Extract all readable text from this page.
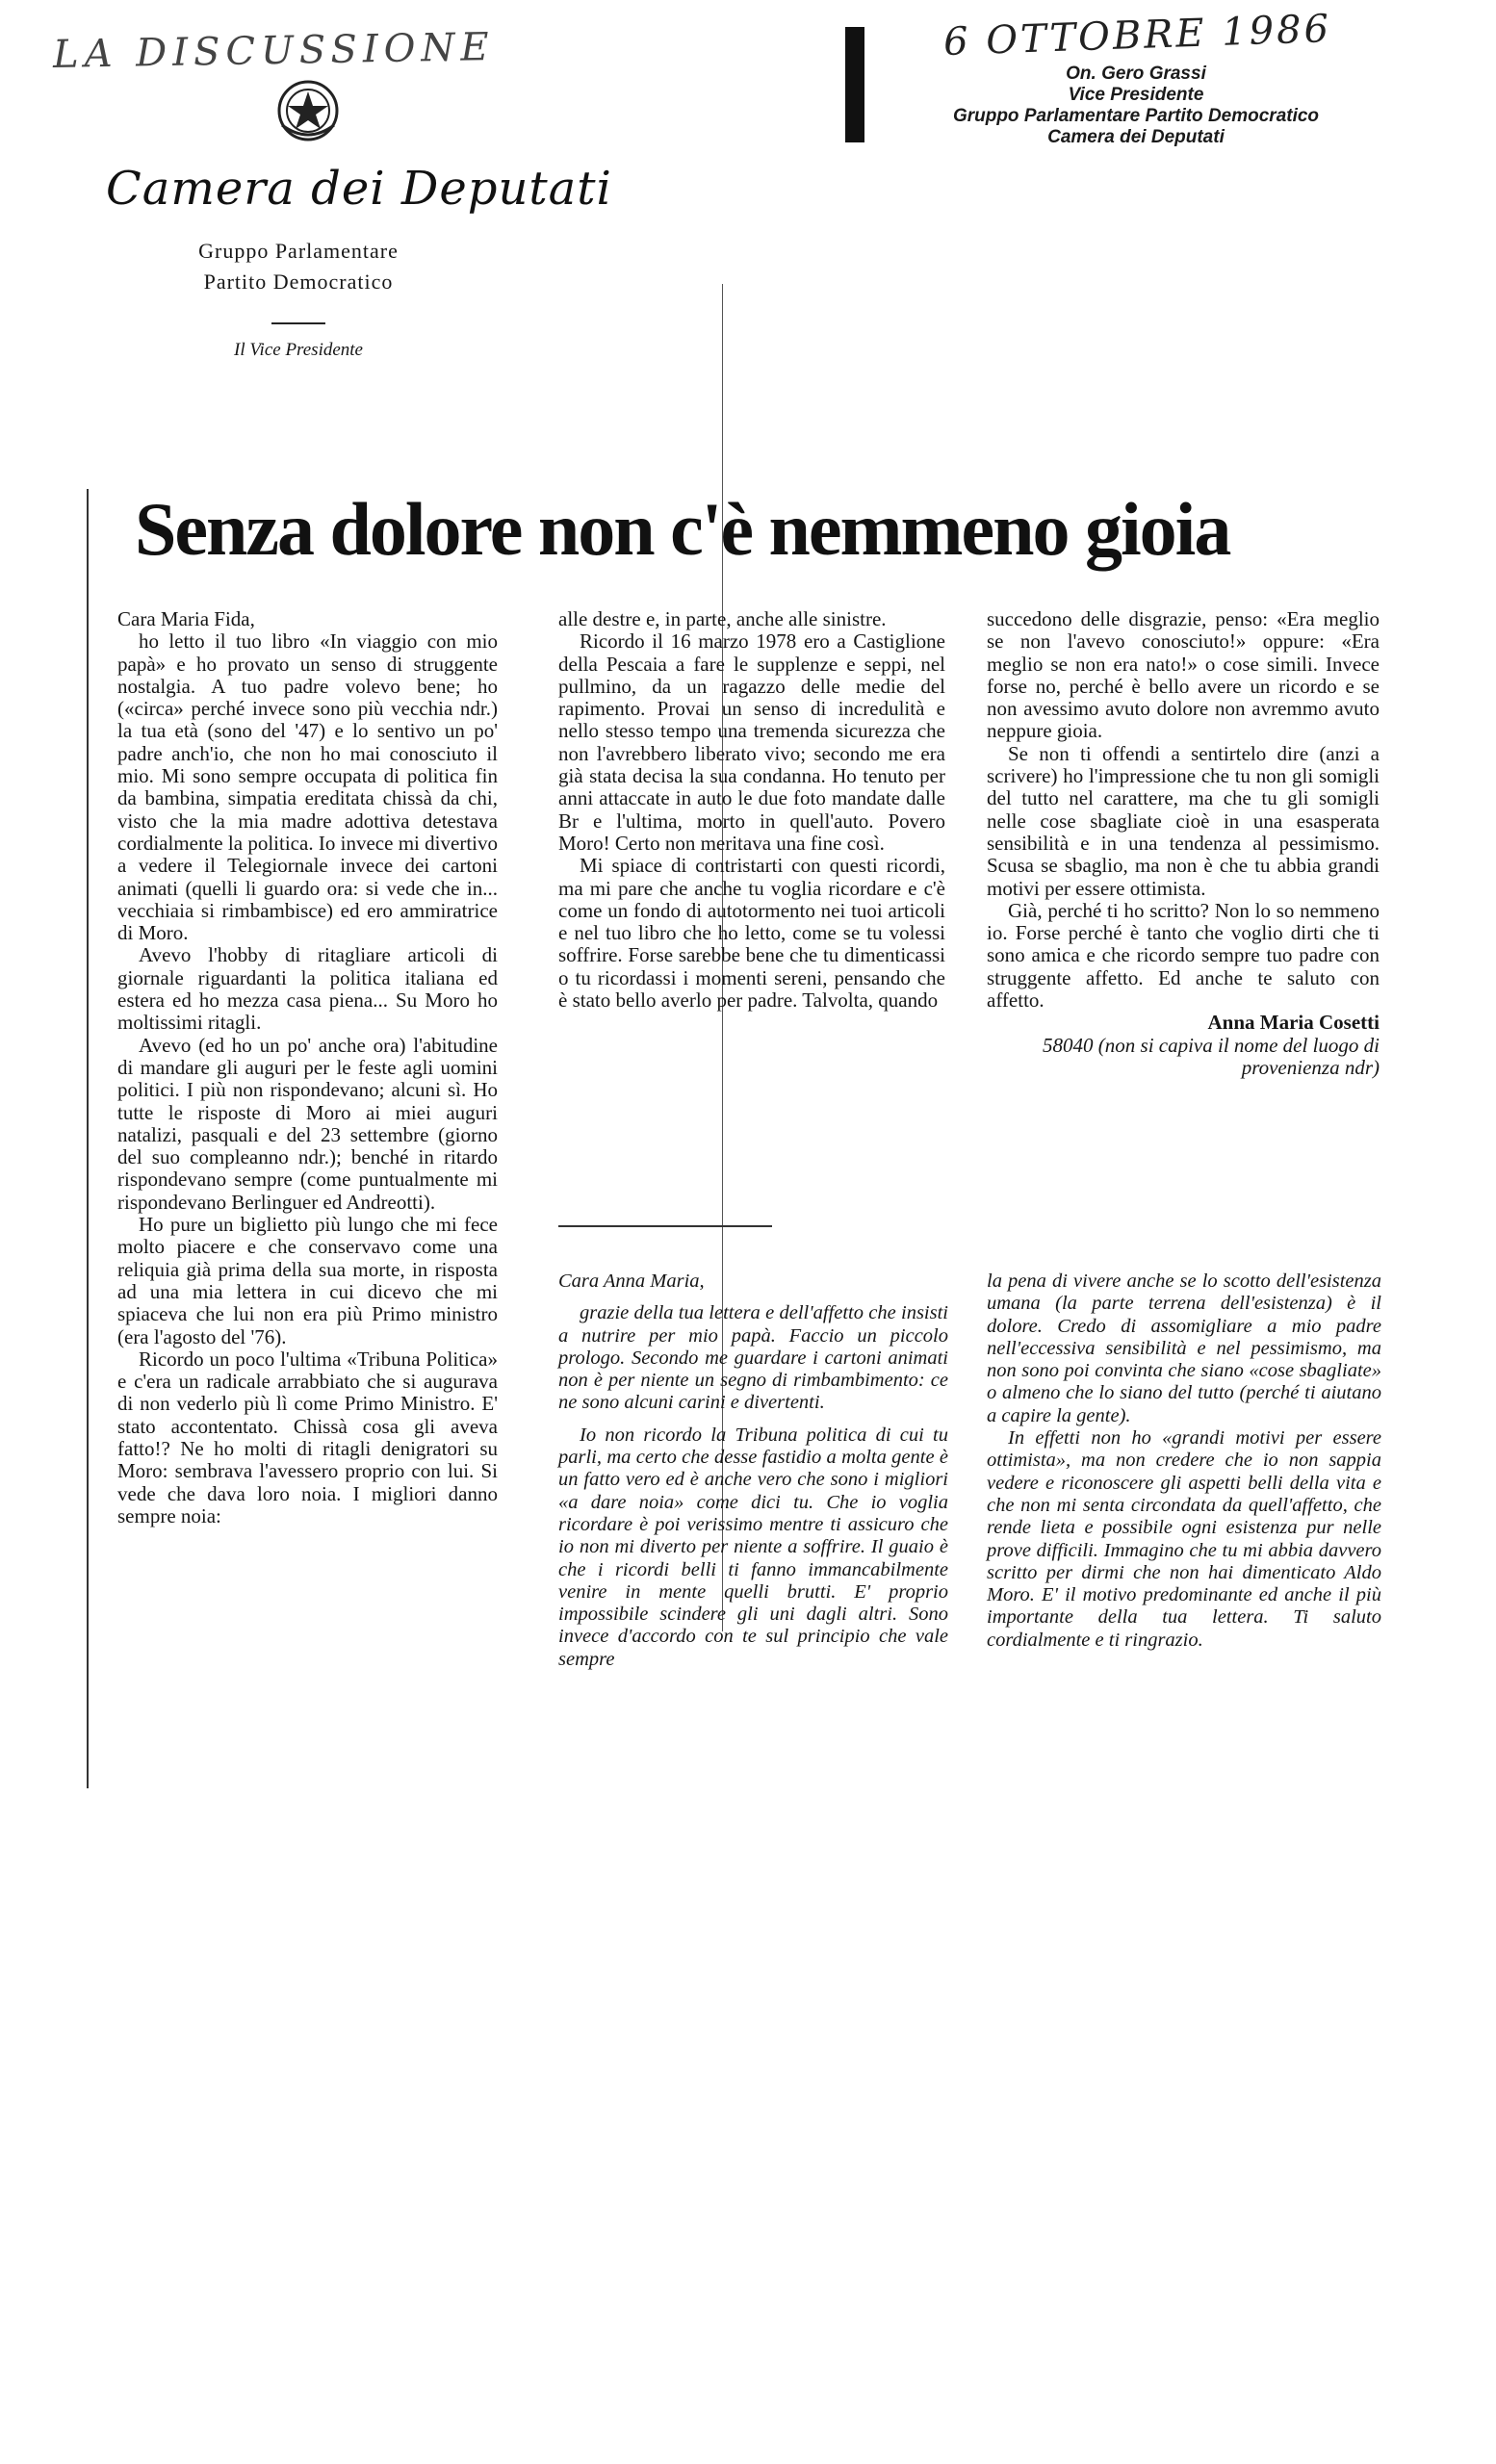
LA DISCUSSIONE	6 OTTOBRE 1986
On. Gero Grassi
Vice Presidente
Gruppo Parlamentare Partito Democratico
Camera dei Deputati
Camera dei Deputati
Gruppo Parlamentare
Partito Democratico
Il Vice Presidente
Senza dolore non c'è nemmeno gioia

Cara Maria Fida,

ho letto il tuo libro «In viaggio con mio papà» e ho provato un senso di struggente nostalgia. A tuo padre volevo bene; ho («circa» perché invece sono più vecchia ndr.) la tua età (sono del '47) e lo sentivo un po' padre anch'io, che non ho mai conosciuto il mio. Mi sono sempre occupata di politica fin da bambina, simpatia ereditata chissà da chi, visto che la mia madre adottiva detestava cordialmente la politica. Io invece mi divertivo a vedere il Telegiornale invece dei cartoni animati (quelli li guardo ora: si vede che in... vecchiaia si rimbambisce) ed ero ammiratrice di Moro.

Avevo l'hobby di ritagliare articoli di giornale riguardanti la politica italiana ed estera ed ho mezza casa piena... Su Moro ho moltissimi ritagli.

Avevo (ed ho un po' anche ora) l'abitudine di mandare gli auguri per le feste agli uomini politici. I più non rispondevano; alcuni sì. Ho tutte le risposte di Moro ai miei auguri natalizi, pasquali e del 23 settembre (giorno del suo compleanno ndr.); benché in ritardo rispondevano sempre (come puntualmente mi rispondevano Berlinguer ed Andreotti).

Ho pure un biglietto più lungo che mi fece molto piacere e che conservavo come una reliquia già prima della sua morte, in risposta ad una mia lettera in cui dicevo che mi spiaceva che lui non era più Primo ministro (era l'agosto del '76).

Ricordo un poco l'ultima «Tribuna Politica» e c'era un radicale arrabbiato che si augurava di non vederlo più lì come Primo Ministro. E' stato accontentato. Chissà cosa gli aveva fatto!? Ne ho molti di ritagli denigratori su Moro: sembrava l'avessero proprio con lui. Si vede che dava loro noia. I migliori danno sempre noia:

alle destre e, in parte, anche alle sinistre.

Ricordo il 16 marzo 1978 ero a Castiglione della Pescaia a fare le supplenze e seppi, nel pullmino, da un ragazzo delle medie del rapimento. Provai un senso di incredulità e nello stesso tempo una tremenda sicurezza che non l'avrebbero liberato vivo; secondo me era già stata decisa la sua condanna. Ho tenuto per anni attaccate in auto le due foto mandate dalle Br e l'ultima, morto in quell'auto. Povero Moro! Certo non meritava una fine così.

Mi spiace di contristarti con questi ricordi, ma mi pare che anche tu voglia ricordare e c'è come un fondo di autotormento nei tuoi articoli e nel tuo libro che ho letto, come se tu volessi soffrire. Forse sarebbe bene che tu dimenticassi o tu ricordassi i momenti sereni, pensando che è stato bello averlo per padre. Talvolta, quando

succedono delle disgrazie, penso: «Era meglio se non l'avevo conosciuto!» oppure: «Era meglio se non era nato!» o cose simili. Invece forse no, perché è bello avere un ricordo e se non avessimo avuto dolore non avremmo avuto neppure gioia.

Se non ti offendi a sentirtelo dire (anzi a scrivere) ho l'impressione che tu non gli somigli del tutto nel carattere, ma che tu gli somigli nelle cose sbagliate cioè in una esasperata sensibilità e in una tendenza al pessimismo. Scusa se sbaglio, ma non è che tu abbia grandi motivi per essere ottimista.

Già, perché ti ho scritto? Non lo so nemmeno io. Forse perché è tanto che voglio dirti che ti sono amica e che ricordo sempre tuo padre con struggente affetto. Ed anche te saluto con affetto.

Anna Maria Cosetti

58040 (non si capiva il nome del luogo di provenienza ndr)

Cara Anna Maria,

grazie della tua lettera e dell'affetto che insisti a nutrire per mio papà. Faccio un piccolo prologo. Secondo me guardare i cartoni animati non è per niente un segno di rimbambimento: ce ne sono alcuni carini e divertenti.

Io non ricordo la Tribuna politica di cui tu parli, ma certo che desse fastidio a molta gente è un fatto vero ed è anche vero che sono i migliori «a dare noia» come dici tu. Che io voglia ricordare è poi verissimo mentre ti assicuro che io non mi diverto per niente a soffrire. Il guaio è che i ricordi belli ti fanno immancabilmente venire in mente quelli brutti. E' proprio impossibile scindere gli uni dagli altri. Sono invece d'accordo con te sul principio che vale sempre

la pena di vivere anche se lo scotto dell'esistenza umana (la parte terrena dell'esistenza) è il dolore. Credo di assomigliare a mio padre nell'eccessiva sensibilità e nel pessimismo, ma non sono poi convinta che siano «cose sbagliate» o almeno che lo siano del tutto (perché ti aiutano a capire la gente).

In effetti non ho «grandi motivi per essere ottimista», ma non credere che io non sappia vedere e riconoscere gli aspetti belli della vita e che non mi senta circondata da quell'affetto, che rende lieta e possibile ogni esistenza pur nelle prove difficili. Immagino che tu mi abbia davvero scritto per dirmi che non hai dimenticato Aldo Moro. E' il motivo predominante ed anche il più importante della tua lettera. Ti saluto cordialmente e ti ringrazio.
